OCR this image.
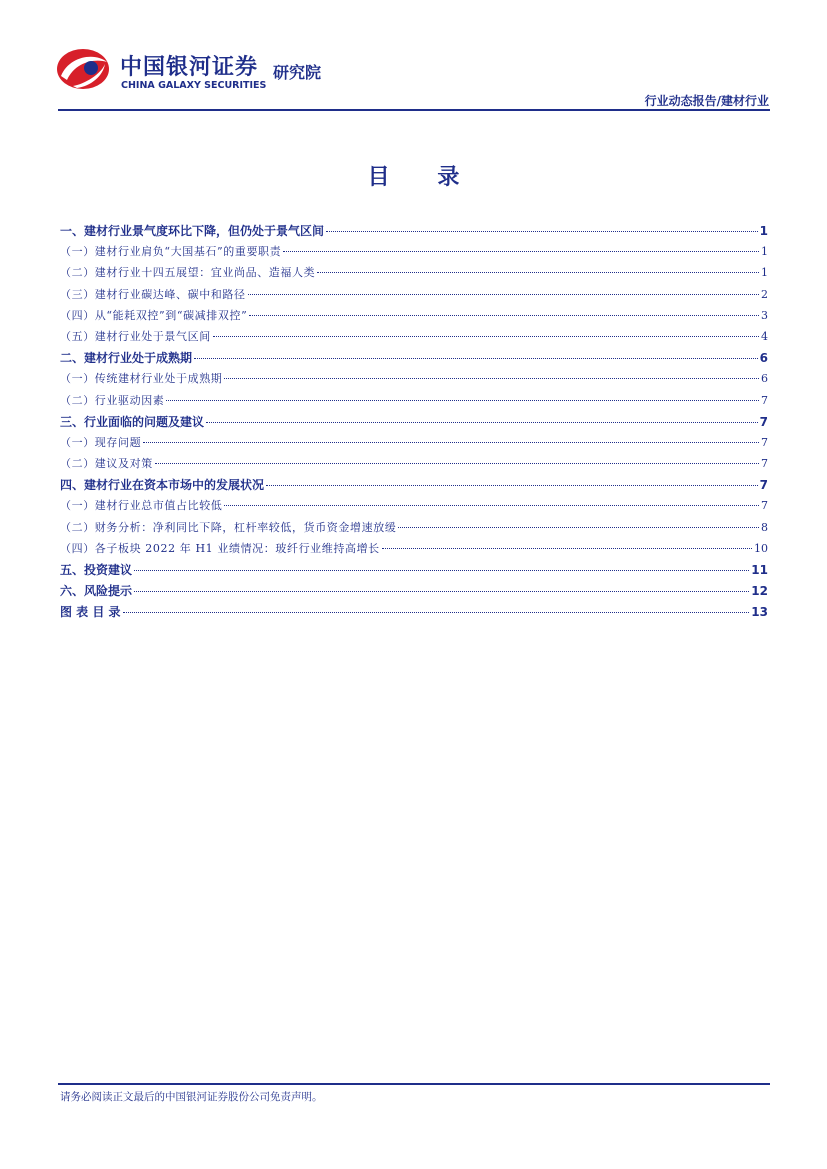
中国银河证券
CHINA GALAXY SECURITIES
研究院
行业动态报告/建材行业
目 录
一、建材行业景气度环比下降，但仍处于景气区间	1
（一）建材行业肩负“大国基石”的重要职责	1
（二）建材行业十四五展望：宜业尚品、造福人类	1
（三）建材行业碳达峰、碳中和路径	2
（四）从“能耗双控”到“碳减排双控”	3
（五）建材行业处于景气区间	4
二、建材行业处于成熟期	6
（一）传统建材行业处于成熟期	6
（二）行业驱动因素	7
三、行业面临的问题及建议	7
（一）现存问题	7
（二）建议及对策	7
四、建材行业在资本市场中的发展状况	7
（一）建材行业总市值占比较低	7
（二）财务分析：净利同比下降，杠杆率较低，货币资金增速放缓	8
（四）各子板块 2022 年 H1 业绩情况：玻纤行业维持高增长	10
五、投资建议	11
六、风险提示	12
图 表 目 录	13
请务必阅读正文最后的中国银河证券股份公司免责声明。
